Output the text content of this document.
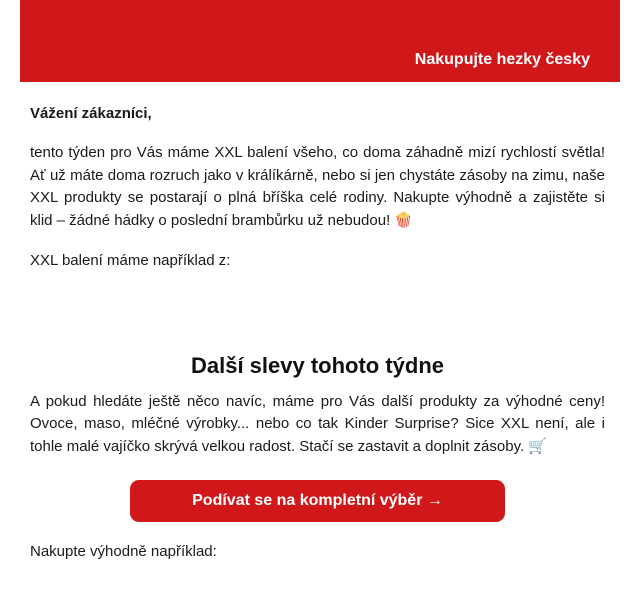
Nakupujte hezky česky

Vážení zákazníci,

tento týden pro Vás máme XXL balení všeho, co doma záhadně mizí rychlostí světla! Ať už máte doma rozruch jako v králíkárně, nebo si jen chystáte zásoby na zimu, naše XXL produkty se postarají o plná bříška celé rodiny. Nakupte výhodně a zajistěte si klid – žádné hádky o poslední brambůrku už nebudou! 🍿

XXL balení máme například z:

Další slevy tohoto týdne

A pokud hledáte ještě něco navíc, máme pro Vás další produkty za výhodné ceny! Ovoce, maso, mléčné výrobky... nebo co tak Kinder Surprise? Sice XXL není, ale i tohle malé vajíčko skrývá velkou radost. Stačí se zastavit a doplnit zásoby. 🛒

Podívat se na kompletní výběr →

Nakupte výhodně například:
